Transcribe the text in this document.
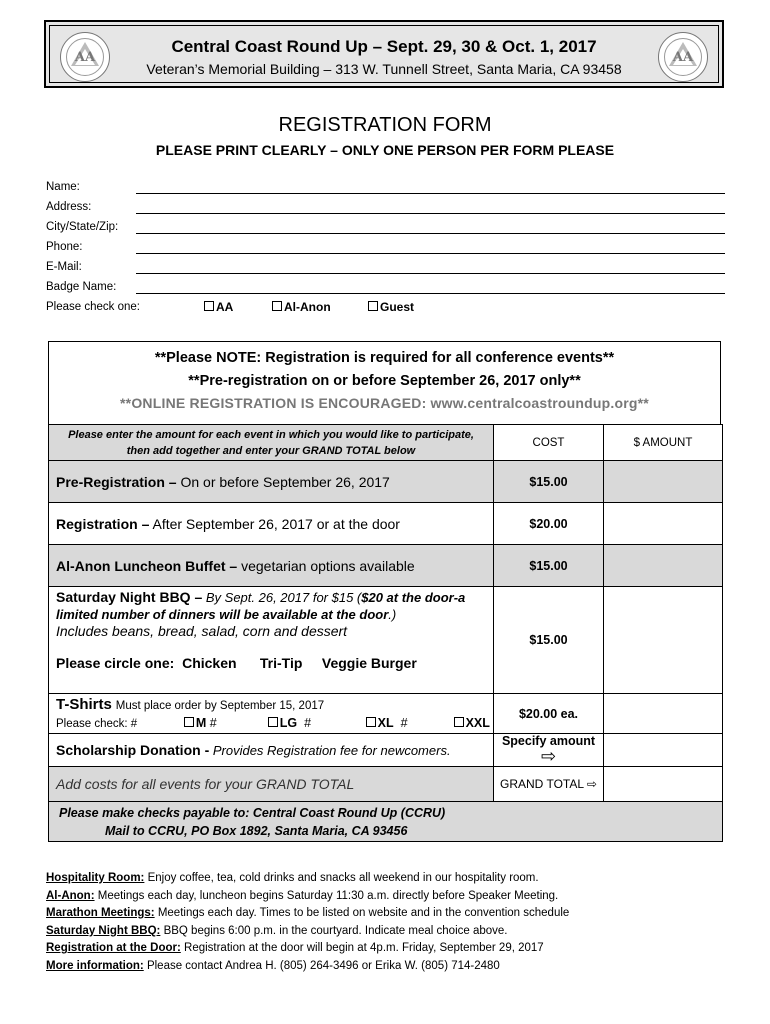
AA
Central Coast Round Up – Sept. 29, 30 & Oct. 1, 2017
Veteran’s Memorial Building – 313 W. Tunnell Street, Santa Maria, CA 93458
AA
REGISTRATION FORM
PLEASE PRINT CLEARLY – ONLY ONE PERSON PER FORM PLEASE
Name:
Address:
City/State/Zip:
Phone:
E-Mail:
Badge Name:
Please check one:	AA	Al-Anon	Guest
**Please NOTE: Registration is required for all conference events**
**Pre-registration on or before September 26, 2017 only**
**ONLINE REGISTRATION IS ENCOURAGED: www.centralcoastroundup.org**
Please enter the amount for each event in which you would like to participate, then add together and enter your GRAND TOTAL below	COST	$ AMOUNT
Pre-Registration – On or before September 26, 2017	$15.00	
Registration – After September 26, 2017 or at the door	$20.00	
Al-Anon Luncheon Buffet – vegetarian options available	$15.00	
Saturday Night BBQ – By Sept. 26, 2017 for $15 ($20 at the door-a limited number of dinners will be available at the door.)
Includes beans, bread, salad, corn and dessert
Please circle one: Chicken Tri-Tip Veggie Burger	$15.00	
T-Shirts Must place order by September 15, 2017
Please check: # M # LG # XL # XXL	$20.00 ea.	
Scholarship Donation - Provides Registration fee for newcomers.	Specify amount
⇨	
Add costs for all events for your GRAND TOTAL	GRAND TOTAL ⇨	
Please make checks payable to: Central Coast Round Up (CCRU)
Mail to CCRU, PO Box 1892, Santa Maria, CA 93456		
Hospitality Room: Enjoy coffee, tea, cold drinks and snacks all weekend in our hospitality room.
Al-Anon: Meetings each day, luncheon begins Saturday 11:30 a.m. directly before Speaker Meeting.
Marathon Meetings: Meetings each day. Times to be listed on website and in the convention schedule
Saturday Night BBQ: BBQ begins 6:00 p.m. in the courtyard. Indicate meal choice above.
Registration at the Door: Registration at the door will begin at 4p.m. Friday, September 29, 2017
More information: Please contact Andrea H. (805) 264-3496 or Erika W. (805) 714-2480
